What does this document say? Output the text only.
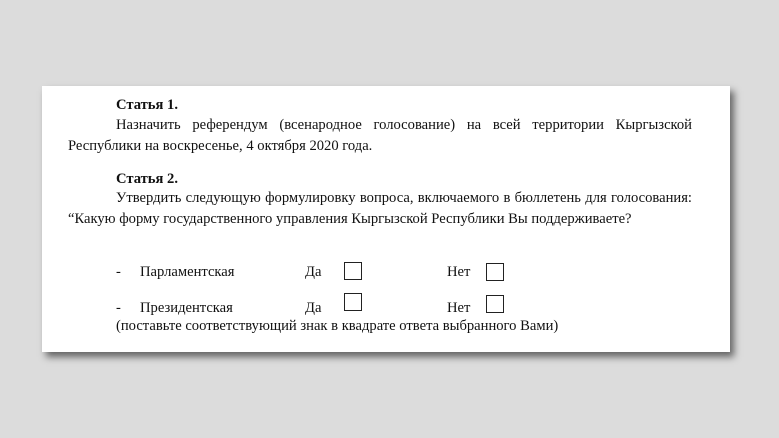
Статья 1.
Назначить референдум (всенародное голосование) на всей территории Кыргызской Республики на воскресенье, 4 октября 2020 года.
Статья 2.
Утвердить следующую формулировку вопроса, включаемого в бюллетень для голосования: “Какую форму государственного управления Кыргызской Республики Вы поддерживаете?
- Парламентская	Да	Нет
- Президентская	Да	Нет
(поставьте соответствующий знак в квадрате ответа выбранного Вами)
